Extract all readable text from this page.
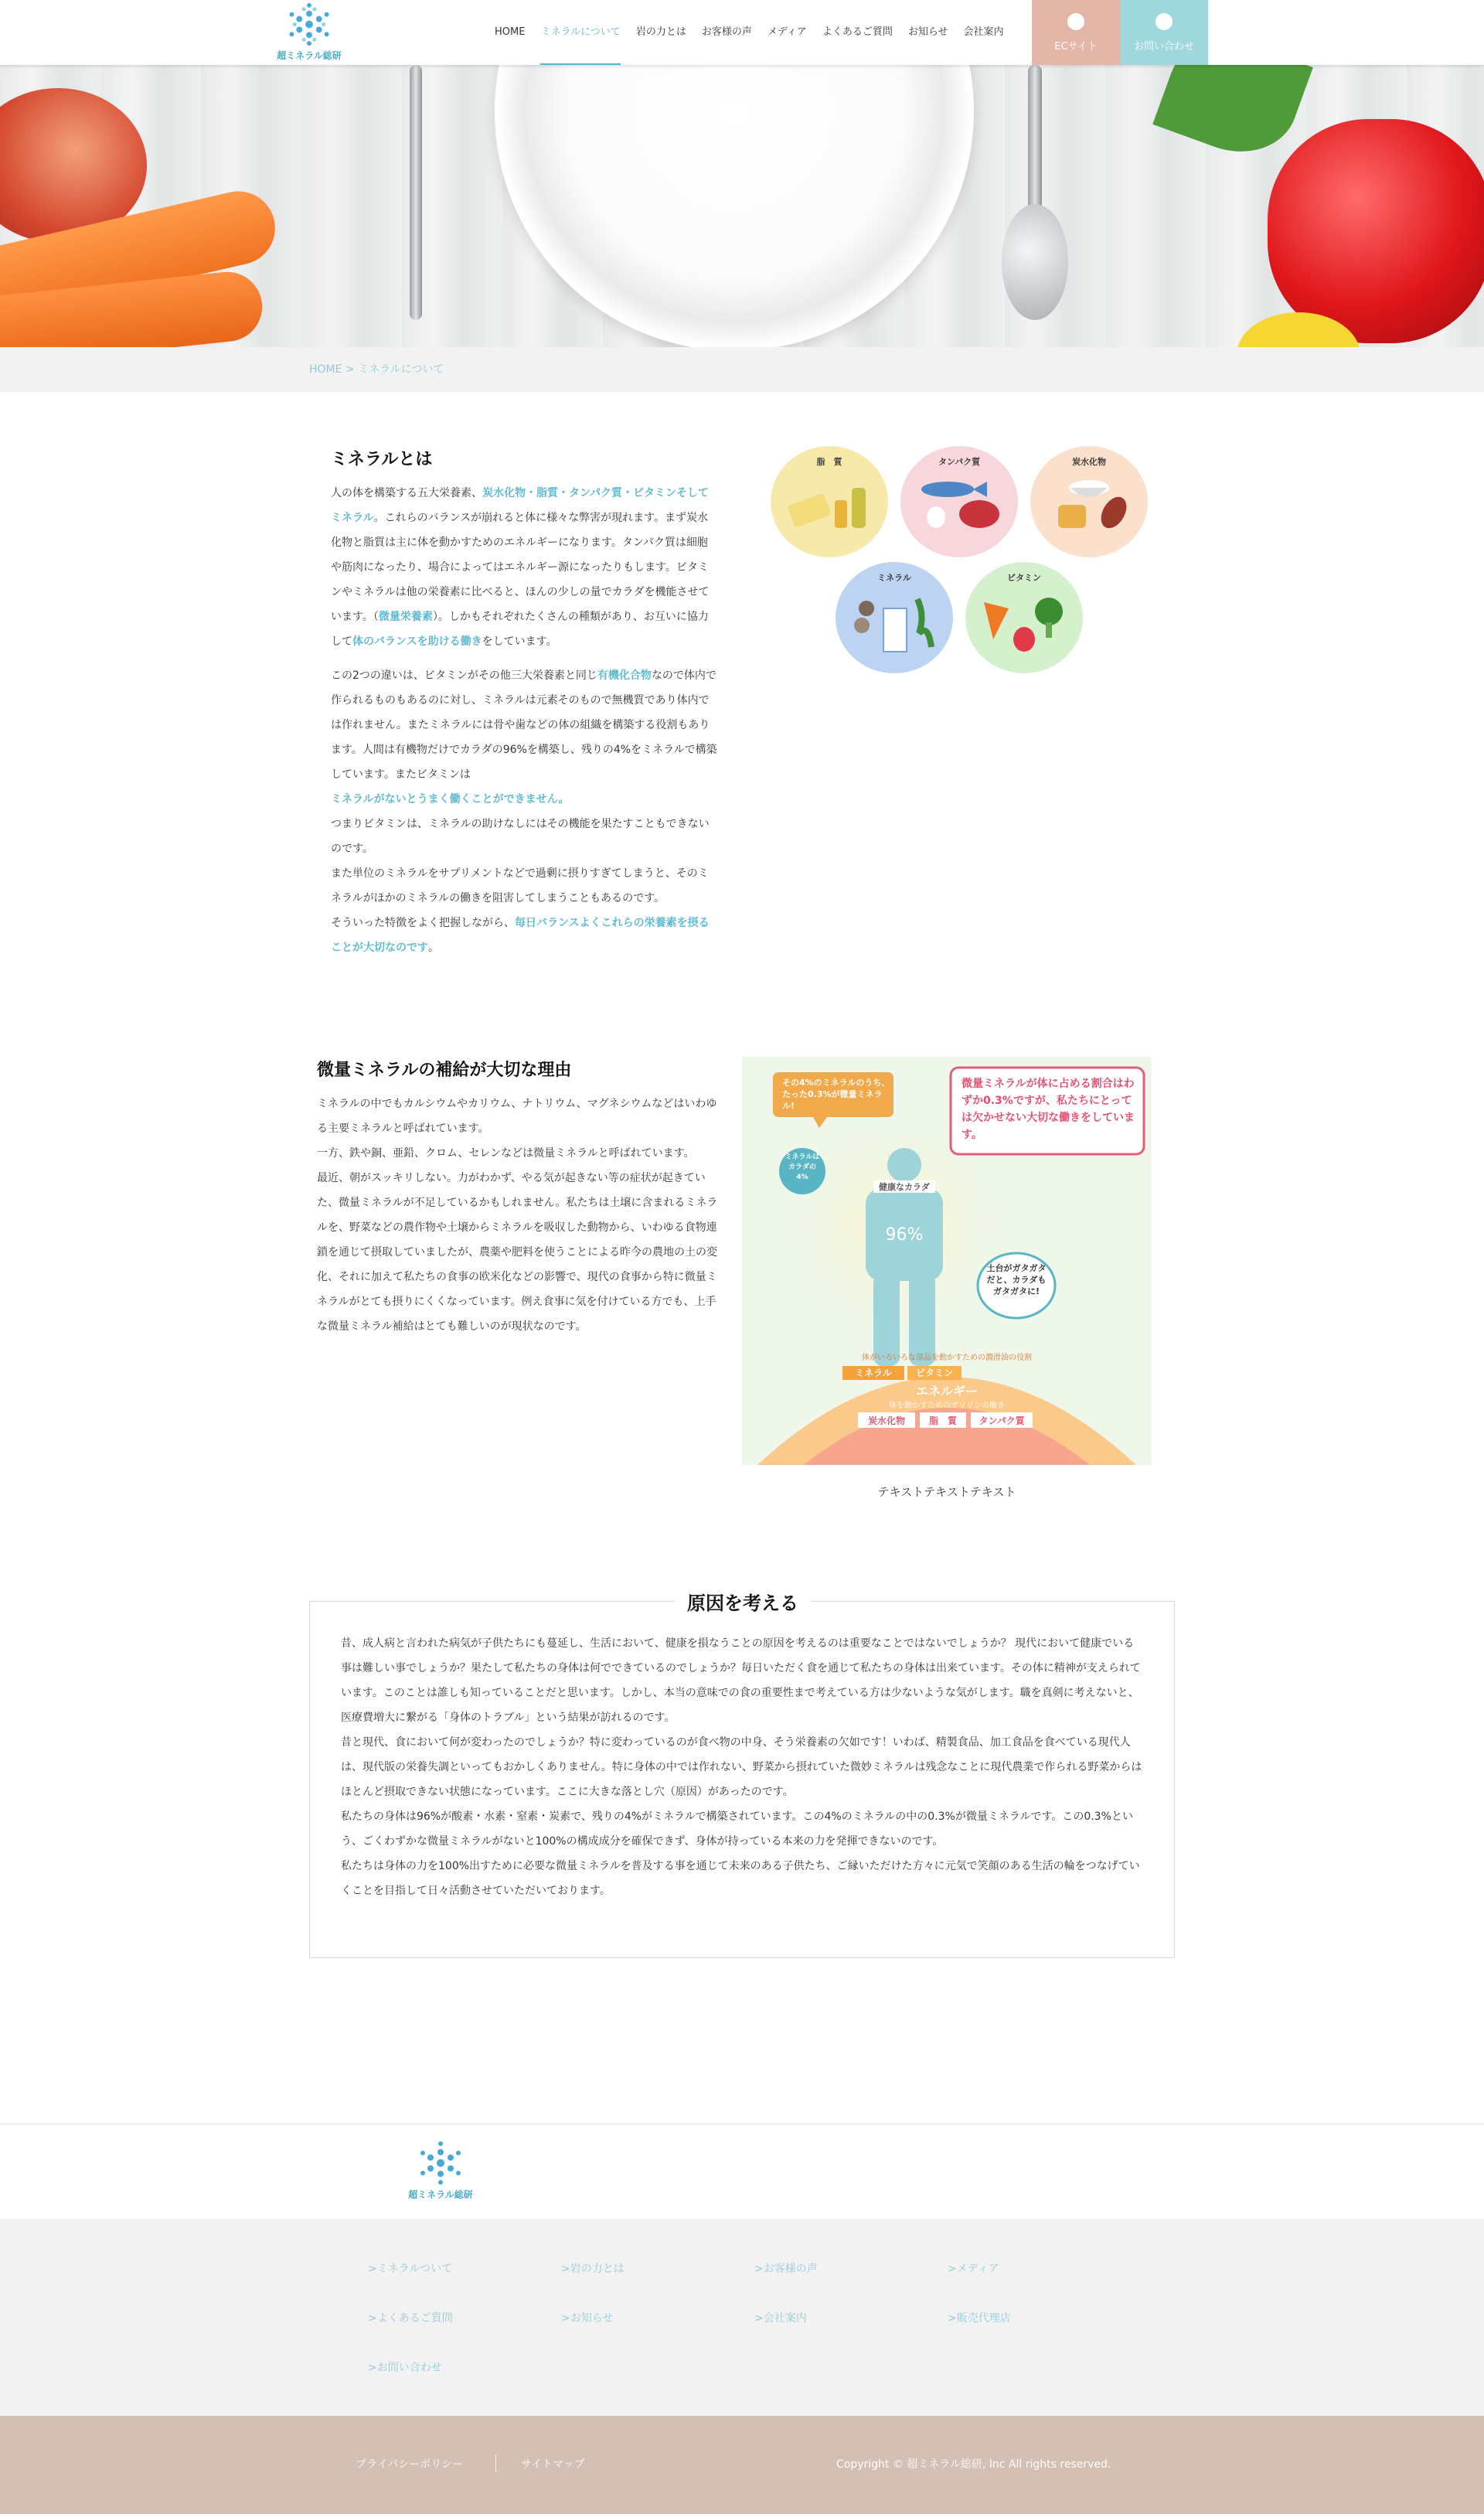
超ミネラル総研
HOME ミネラルについて 岩の力とは お客様の声 メディア よくあるご質問 お知らせ 会社案内
ECサイト	お問い合わせ
HOME > ミネラルについて
ミネラルとは

人の体を構築する五大栄養素、炭水化物・脂質・タンパク質・ビタミンそしてミネラル。これらのバランスが崩れると体に様々な弊害が現れます。まず炭水化物と脂質は主に体を動かすためのエネルギーになります。タンパク質は細胞や筋肉になったり、場合によってはエネルギー源になったりもします。ビタミンやミネラルは他の栄養素に比べると、ほんの少しの量でカラダを機能させています。（微量栄養素）。しかもそれぞれたくさんの種類があり、お互いに協力して体のバランスを助ける働きをしています。

この2つの違いは、ビタミンがその他三大栄養素と同じ有機化合物なので体内で作られるものもあるのに対し、ミネラルは元素そのもので無機質であり体内では作れません。またミネラルには骨や歯などの体の組織を構築する役割もあります。人間は有機物だけでカラダの96%を構築し、残りの4%をミネラルで構築しています。またビタミンは
ミネラルがないとうまく働くことができません。
つまりビタミンは、ミネラルの助けなしにはその機能を果たすこともできないのです。
また単位のミネラルをサプリメントなどで過剰に摂りすぎてしまうと、そのミネラルがほかのミネラルの働きを阻害してしまうこともあるのです。
そういった特徴をよく把握しながら、毎日バランスよくこれらの栄養素を摂ることが大切なのです。

脂　質	タンパク質	炭水化物
ミネラル	ビタミン
微量ミネラルの補給が大切な理由

ミネラルの中でもカルシウムやカリウム、ナトリウム、マグネシウムなどはいわゆる主要ミネラルと呼ばれています。
一方、鉄や銅、亜鉛、クロム、セレンなどは微量ミネラルと呼ばれています。
最近、朝がスッキリしない。力がわかず、やる気が起きない等の症状が起きていた、微量ミネラルが不足しているかもしれません。私たちは土壌に含まれるミネラルを、野菜などの農作物や土壌からミネラルを吸収した動物から、いわゆる食物連鎖を通じて摂取していましたが、農薬や肥料を使うことによる昨今の農地の土の変化、それに加えて私たちの食事の欧米化などの影響で、現代の食事から特に微量ミネラルがとても摂りにくくなっています。例え食事に気を付けている方でも、上手な微量ミネラル補給はとても難しいのが現状なのです。

その4%のミネラルのうち、たった0.3%が微量ミネラル!
微量ミネラルが体に占める割合はわずか0.3%ですが、私たちにとっては欠かせない大切な働きをしています。
ミネラルはカラダの4%
健康なカラダ
96%
土台がガタガタだと、カラダもガタガタに!
体がいろいろな部品を動かすための潤滑油の役割
ミネラル	ビタミン
エネルギー
体を動かすためのガソリンの働き
炭水化物	脂　質	タンパク質
テキストテキストテキスト
原因を考える

昔、成人病と言われた病気が子供たちにも蔓延し、生活において、健康を損なうことの原因を考えるのは重要なことではないでしょうか？ 現代において健康でいる事は難しい事でしょうか？果たして私たちの身体は何でできているのでしょうか？毎日いただく食を通じて私たちの身体は出来ています。その体に精神が支えられています。このことは誰しも知っていることだと思います。しかし、本当の意味での食の重要性まで考えている方は少ないような気がします。職を真剣に考えないと、医療費増大に繋がる「身体のトラブル」という結果が訪れるのです。
昔と現代、食において何が変わったのでしょうか？特に変わっているのが食べ物の中身、そう栄養素の欠如です！いわば、精製食品、加工食品を食べている現代人は、現代版の栄養失調といってもおかしくありません。特に身体の中では作れない、野菜から摂れていた微妙ミネラルは残念なことに現代農業で作られる野菜からはほとんど摂取できない状態になっています。ここに大きな落とし穴（原因）があったのです。
私たちの身体は96%が酸素・水素・窒素・炭素で、残りの4%がミネラルで構築されています。この4%のミネラルの中の0.3%が微量ミネラルです。この0.3%という、ごくわずかな微量ミネラルがないと100%の構成成分を確保できず、身体が持っている本来の力を発揮できないのです。
私たちは身体の力を100%出すために必要な微量ミネラルを普及する事を通じて未来のある子供たち、ご縁いただけた方々に元気で笑顔のある生活の輪をつなげていくことを目指して日々活動させていただいております。

超ミネラル総研
>ミネラルついて	>岩の力とは	>お客様の声	>メディア
>よくあるご質問	>お知らせ	>会社案内	>販売代理店
>お問い合わせ
プライバシーポリシー	サイトマップ	Copyright © 超ミネラル総研, Inc All rights reserved.
